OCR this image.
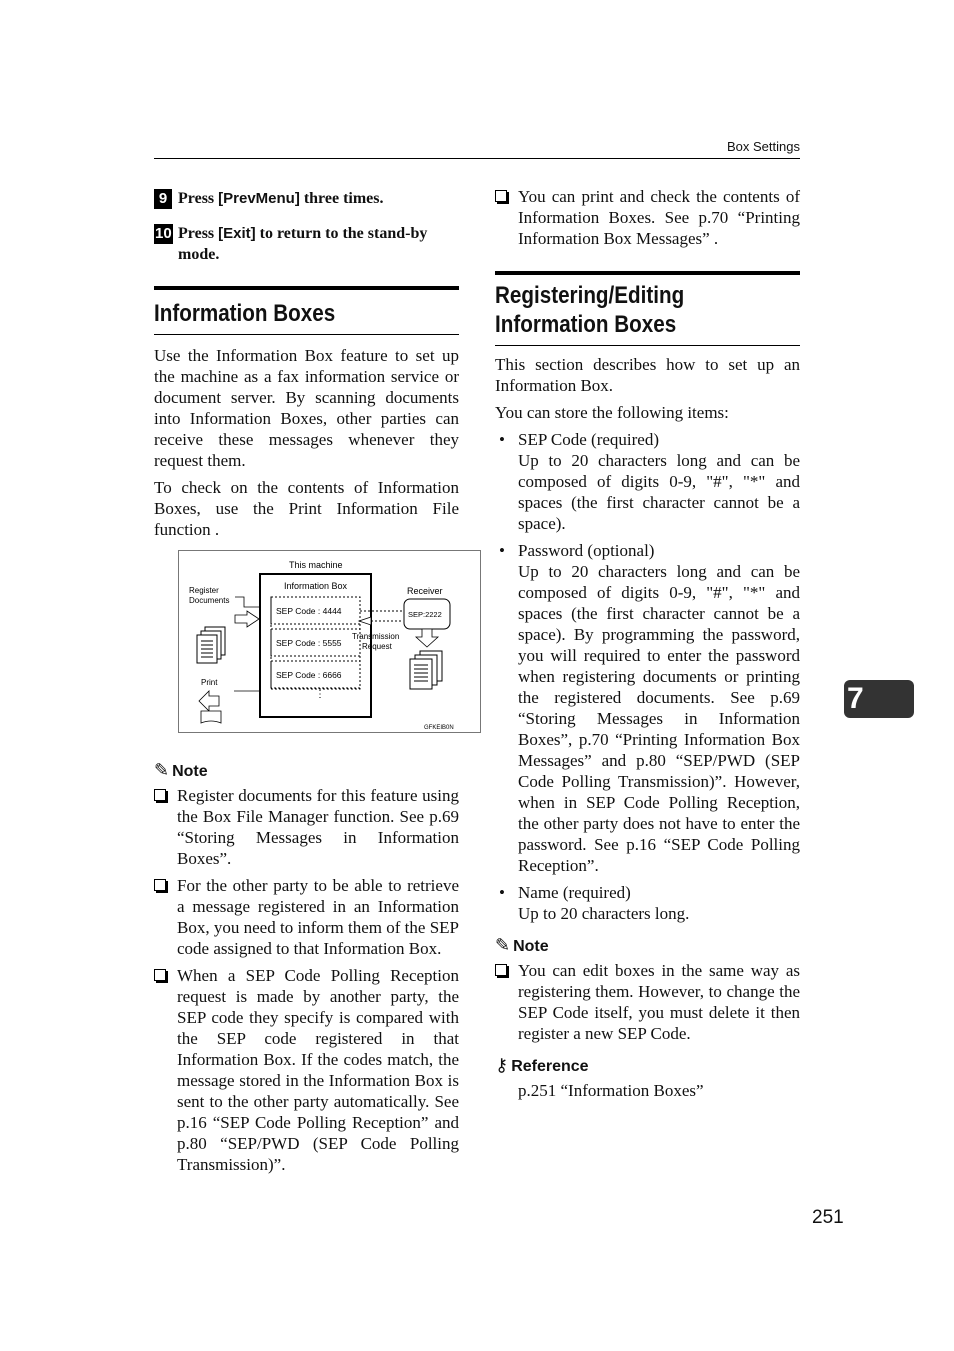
Box Settings
9 Press [PrevMenu] three times.
10 Press [Exit] to return to the stand-by mode.
Information Boxes

Use the Information Box feature to set up the machine as a fax information service or document server. By scanning documents into Information Boxes, other parties can receive these messages whenever they request them.

To check on the contents of Information Boxes, use the Print Information File function .

This machine
Information Box
SEP Code : 4444
SEP Code : 5555
SEP Code : 6666
⋮
Register
Documents
Print
Receiver
SEP:2222
Transmission
Request
GFKEIB0N
✎ Note
Register documents for this feature using the Box File Manager function. See p.69 “Storing Messages in Information Boxes”.
For the other party to be able to retrieve a message registered in an Information Box, you need to inform them of the SEP code assigned to that Information Box.
When a SEP Code Polling Reception request is made by another party, the SEP code they specify is compared with the SEP code registered in that Information Box. If the codes match, the message stored in the Information Box is sent to the other party automatically. See p.16 “SEP Code Polling Reception” and p.80 “SEP/PWD (SEP Code Polling Transmission)”.
You can print and check the contents of Information Boxes. See p.70 “Printing Information Box Messages” .
Registering/Editing
Information Boxes

This section describes how to set up an Information Box.

You can store the following items:

• SEP Code (required)
Up to 20 characters long and can be composed of digits 0-9, "#", "*" and spaces (the first character cannot be a space).
• Password (optional)
Up to 20 characters long and can be composed of digits 0-9, "#", "*" and spaces (the first character cannot be a space). By programming the password, you will required to enter the password when registering documents or printing the registered documents. See p.69 “Storing Messages in Information Boxes”, p.70 “Printing Information Box Messages” and p.80 “SEP/PWD (SEP Code Polling Transmission)”. However, when in SEP Code Polling Reception, the other party does not have to enter the password. See p.16 “SEP Code Polling Reception”.
• Name (required)
Up to 20 characters long.
✎ Note
You can edit boxes in the same way as registering them. However, to change the SEP Code itself, you must delete it then register a new SEP Code.
⚷ Reference
p.251 “Information Boxes”
7
251
